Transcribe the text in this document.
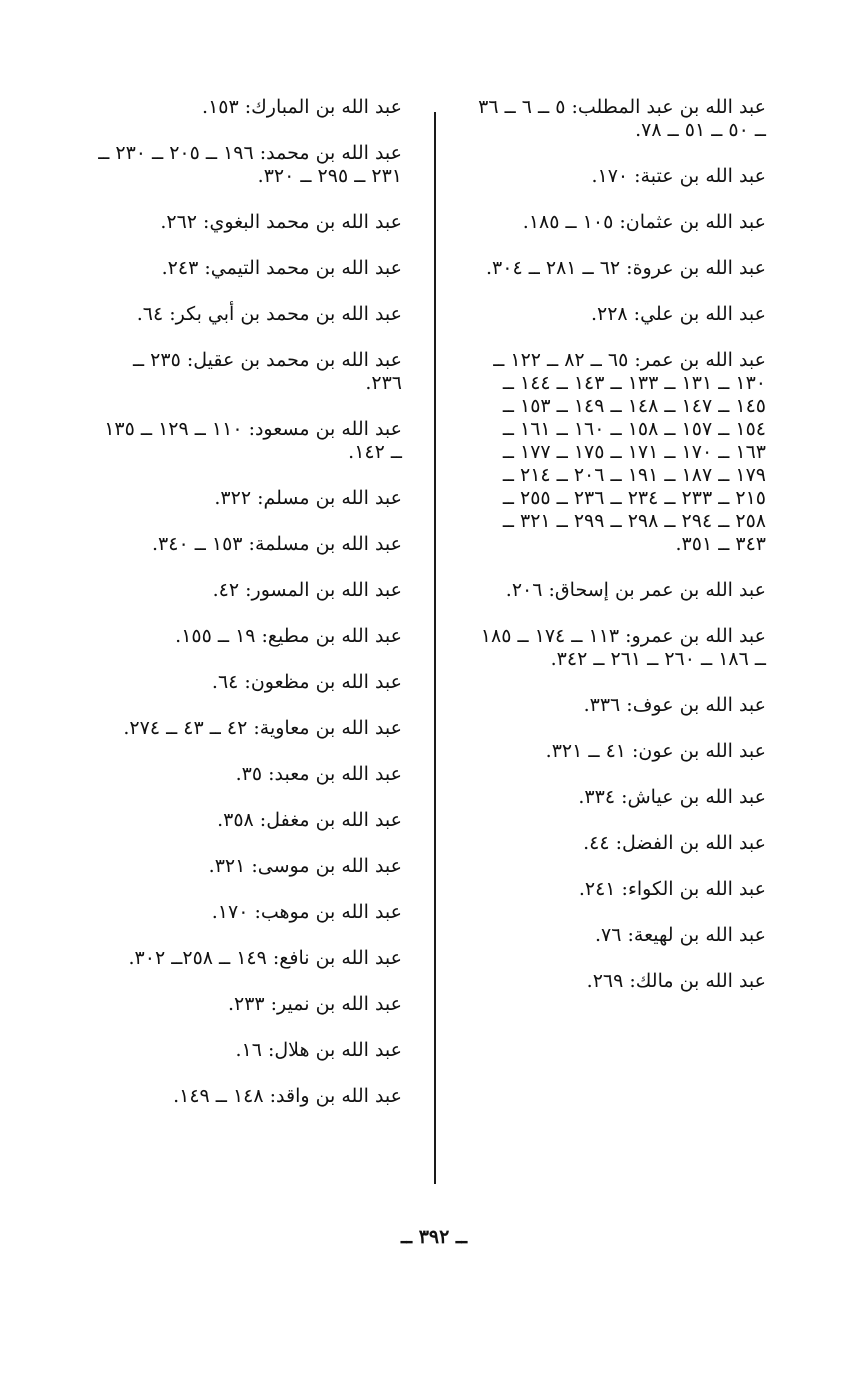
عبد الله بن عبد المطلب: ٥ ــ ٦ ــ ٣٦ ــ ٥٠ ــ ٥١ ــ ٧٨.
عبد الله بن عتبة: ١٧٠.
عبد الله بن عثمان: ١٠٥ ــ ١٨٥.
عبد الله بن عروة: ٦٢ ــ ٢٨١ ــ ٣٠٤.
عبد الله بن علي: ٢٢٨.
عبد الله بن عمر: ٦٥ ــ ٨٢ ــ ١٢٢ ــ ١٣٠ ــ ١٣١ ــ ١٣٣ ــ ١٤٣ ــ ١٤٤ ــ ١٤٥ ــ ١٤٧ ــ ١٤٨ ــ ١٤٩ ــ ١٥٣ ــ ١٥٤ ــ ١٥٧ ــ ١٥٨ ــ ١٦٠ ــ ١٦١ ــ ١٦٣ ــ ١٧٠ ــ ١٧١ ــ ١٧٥ ــ ١٧٧ ــ ١٧٩ ــ ١٨٧ ــ ١٩١ ــ ٢٠٦ ــ ٢١٤ ــ ٢١٥ ــ ٢٣٣ ــ ٢٣٤ ــ ٢٣٦ ــ ٢٥٥ ــ ٢٥٨ ــ ٢٩٤ ــ ٢٩٨ ــ ٢٩٩ ــ ٣٢١ ــ ٣٤٣ ــ ٣٥١.
عبد الله بن عمر بن إسحاق: ٢٠٦.
عبد الله بن عمرو: ١١٣ ــ ١٧٤ ــ ١٨٥ ــ ١٨٦ ــ ٢٦٠ ــ ٢٦١ ــ ٣٤٢.
عبد الله بن عوف: ٣٣٦.
عبد الله بن عون: ٤١ ــ ٣٢١.
عبد الله بن عياش: ٣٣٤.
عبد الله بن الفضل: ٤٤.
عبد الله بن الكواء: ٢٤١.
عبد الله بن لهيعة: ٧٦.
عبد الله بن مالك: ٢٦٩.
عبد الله بن المبارك: ١٥٣.
عبد الله بن محمد: ١٩٦ ــ ٢٠٥ ــ ٢٣٠ ــ ٢٣١ ــ ٢٩٥ ــ ٣٢٠.
عبد الله بن محمد البغوي: ٢٦٢.
عبد الله بن محمد التيمي: ٢٤٣.
عبد الله بن محمد بن أبي بكر: ٦٤.
عبد الله بن محمد بن عقيل: ٢٣٥ ــ ٢٣٦.
عبد الله بن مسعود: ١١٠ ــ ١٢٩ ــ ١٣٥ ــ ١٤٢.
عبد الله بن مسلم: ٣٢٢.
عبد الله بن مسلمة: ١٥٣ ــ ٣٤٠.
عبد الله بن المسور: ٤٢.
عبد الله بن مطيع: ١٩ ــ ١٥٥.
عبد الله بن مظعون: ٦٤.
عبد الله بن معاوية: ٤٢ ــ ٤٣ ــ ٢٧٤.
عبد الله بن معبد: ٣٥.
عبد الله بن مغفل: ٣٥٨.
عبد الله بن موسى: ٣٢١.
عبد الله بن موهب: ١٧٠.
عبد الله بن نافع: ١٤٩ ــ ٢٥٨ــ ٣٠٢.
عبد الله بن نمير: ٢٣٣.
عبد الله بن هلال: ١٦.
عبد الله بن واقد: ١٤٨ ــ ١٤٩.
ــ ٣٩٢ ــ
